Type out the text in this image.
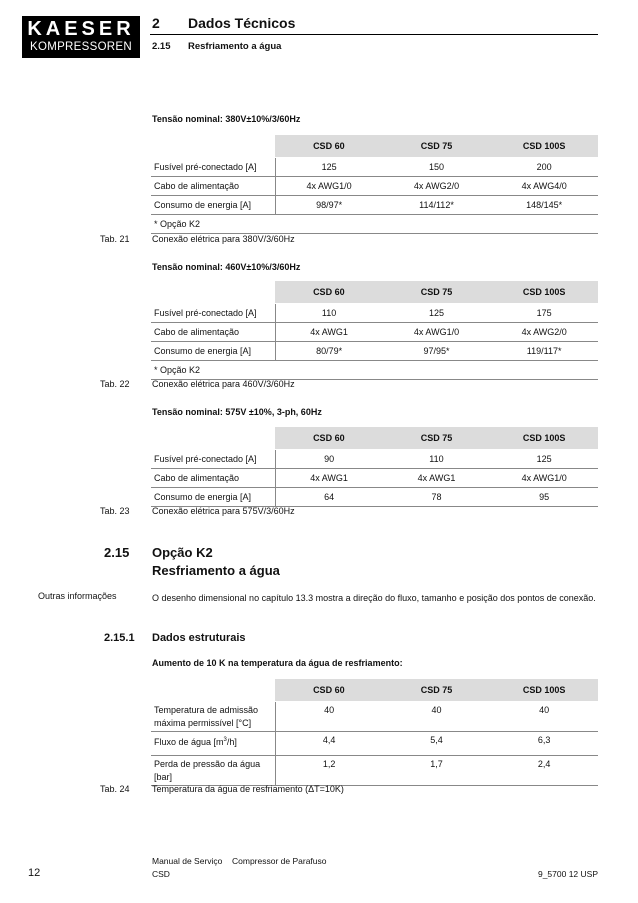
KAESER
KOMPRESSOREN
2 Dados Técnicos
2.15 Resfriamento a água
Tensão nominal: 380V±10%/3/60Hz
	CSD 60	CSD 75	CSD 100S
Fusível pré-conectado [A]	125	150	200
Cabo de alimentação	4x AWG1/0	4x AWG2/0	4x AWG4/0
Consumo de energia [A]	98/97*	114/112*	148/145*
* Opção K2			
Tab. 21 Conexão elétrica para 380V/3/60Hz
Tensão nominal: 460V±10%/3/60Hz
	CSD 60	CSD 75	CSD 100S
Fusível pré-conectado [A]	110	125	175
Cabo de alimentação	4x AWG1	4x AWG1/0	4x AWG2/0
Consumo de energia [A]	80/79*	97/95*	119/117*
* Opção K2			
Tab. 22 Conexão elétrica para 460V/3/60Hz
Tensão nominal: 575V ±10%, 3-ph, 60Hz
	CSD 60	CSD 75	CSD 100S
Fusível pré-conectado [A]	90	110	125
Cabo de alimentação	4x AWG1	4x AWG1	4x AWG1/0
Consumo de energia [A]	64	78	95
Tab. 23 Conexão elétrica para 575V/3/60Hz
2.15 Opção K2
Resfriamento a água
Outras informações	O desenho dimensional no capítulo 13.3 mostra a direção do fluxo, tamanho e posição dos pontos de conexão.
2.15.1 Dados estruturais
Aumento de 10 K na temperatura da água de resfriamento:
	CSD 60	CSD 75	CSD 100S
Temperatura de admissão máxima permissível [°C]	40	40	40
Fluxo de água $[m^3/h]$	4,4	5,4	6,3
Perda de pressão da água [bar]	1,2	1,7	2,4
Tab. 24 Temperatura da água de resfriamento (ΔT=10K)
12
Manual de Serviço Compressor de Parafuso
CSD	9_5700 12 USP
